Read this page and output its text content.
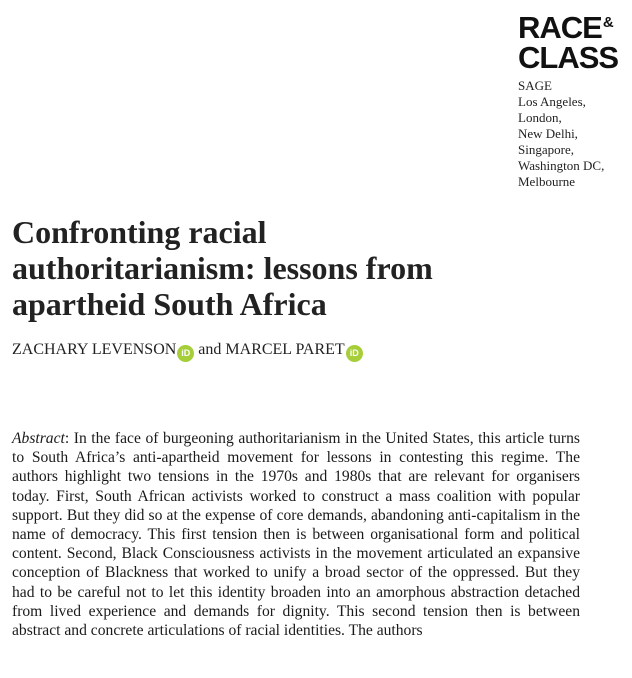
RACE&
CLASS
SAGE
Los Angeles,
London,
New Delhi,
Singapore,
Washington DC,
Melbourne
Confronting racial
authoritarianism: lessons from
apartheid South Africa
ZACHARY LEVENSON iD and MARCEL PARET iD

Abstract: In the face of burgeoning authoritarianism in the United States, this article turns to South Africa’s anti-apartheid movement for lessons in contesting this regime. The authors highlight two tensions in the 1970s and 1980s that are relevant for organisers today. First, South African activists worked to construct a mass coalition with popular support. But they did so at the expense of core demands, abandoning anti-capitalism in the name of democracy. This first tension then is between organisational form and political content. Second, Black Consciousness activists in the movement articulated an expansive conception of Blackness that worked to unify a broad sector of the oppressed. But they had to be careful not to let this identity broaden into an amorphous abstraction detached from lived experience and demands for dignity. This second tension then is between abstract and concrete articulations of racial identities. The authors
